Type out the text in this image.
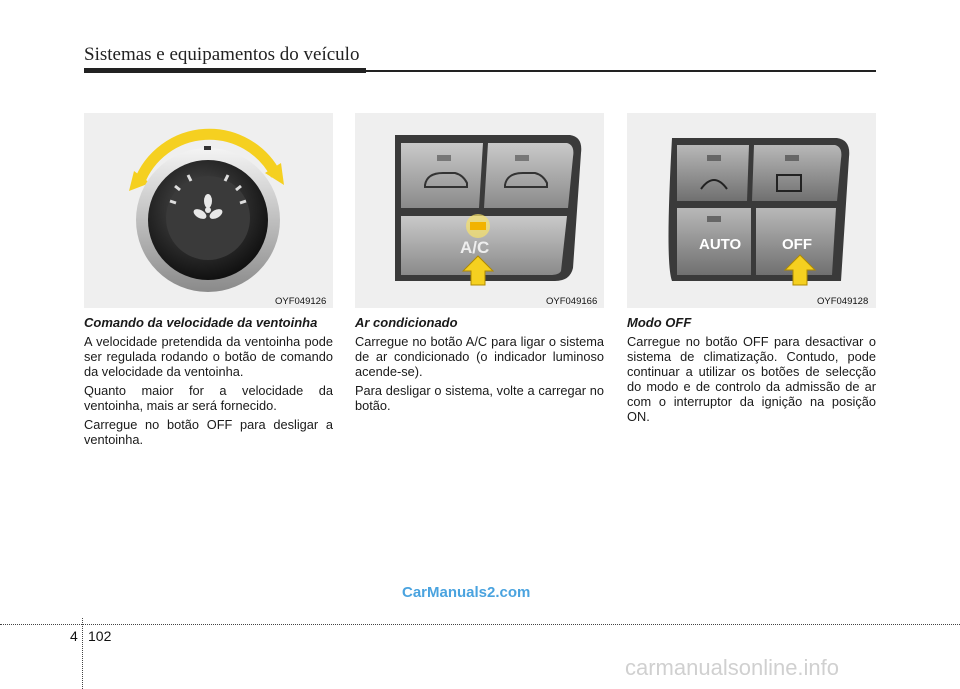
Sistemas e equipamentos do veículo
OYF049126
A/C
OYF049166
AUTO	OFF
OYF049128
Comando da velocidade da ventoinha

A velocidade pretendida da ventoinha pode ser regulada rodando o botão de comando da velocidade da ventoinha.

Quanto maior for a velocidade da ventoinha, mais ar será fornecido.

Carregue no botão OFF para desligar a ventoinha.

Ar condicionado

Carregue no botão A/C para ligar o sistema de ar condicionado (o indicador luminoso acende-se).

Para desligar o sistema, volte a carregar no botão.

Modo OFF

Carregue no botão OFF para desactivar o sistema de climatização. Contudo, pode continuar a utilizar os botões de selecção do modo e de controlo da admissão de ar com o interruptor da ignição na posição ON.

CarManuals2.com
4 102
carmanualsonline.info
